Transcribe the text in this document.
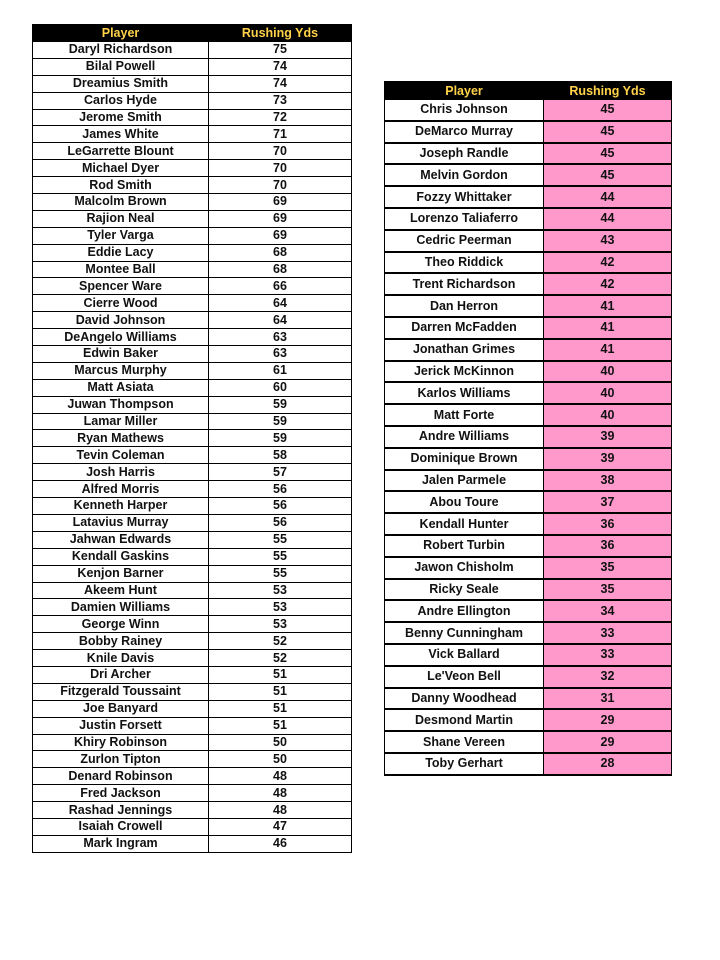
Player	Rushing Yds
Daryl Richardson	75
Bilal Powell	74
Dreamius Smith	74
Carlos Hyde	73
Jerome Smith	72
James White	71
LeGarrette Blount	70
Michael Dyer	70
Rod Smith	70
Malcolm Brown	69
Rajion Neal	69
Tyler Varga	69
Eddie Lacy	68
Montee Ball	68
Spencer Ware	66
Cierre Wood	64
David Johnson	64
DeAngelo Williams	63
Edwin Baker	63
Marcus Murphy	61
Matt Asiata	60
Juwan Thompson	59
Lamar Miller	59
Ryan Mathews	59
Tevin Coleman	58
Josh Harris	57
Alfred Morris	56
Kenneth Harper	56
Latavius Murray	56
Jahwan Edwards	55
Kendall Gaskins	55
Kenjon Barner	55
Akeem Hunt	53
Damien Williams	53
George Winn	53
Bobby Rainey	52
Knile Davis	52
Dri Archer	51
Fitzgerald Toussaint	51
Joe Banyard	51
Justin Forsett	51
Khiry Robinson	50
Zurlon Tipton	50
Denard Robinson	48
Fred Jackson	48
Rashad Jennings	48
Isaiah Crowell	47
Mark Ingram	46
Player	Rushing Yds
Chris Johnson	45
DeMarco Murray	45
Joseph Randle	45
Melvin Gordon	45
Fozzy Whittaker	44
Lorenzo Taliaferro	44
Cedric Peerman	43
Theo Riddick	42
Trent Richardson	42
Dan Herron	41
Darren McFadden	41
Jonathan Grimes	41
Jerick McKinnon	40
Karlos Williams	40
Matt Forte	40
Andre Williams	39
Dominique Brown	39
Jalen Parmele	38
Abou Toure	37
Kendall Hunter	36
Robert Turbin	36
Jawon Chisholm	35
Ricky Seale	35
Andre Ellington	34
Benny Cunningham	33
Vick Ballard	33
Le'Veon Bell	32
Danny Woodhead	31
Desmond Martin	29
Shane Vereen	29
Toby Gerhart	28
